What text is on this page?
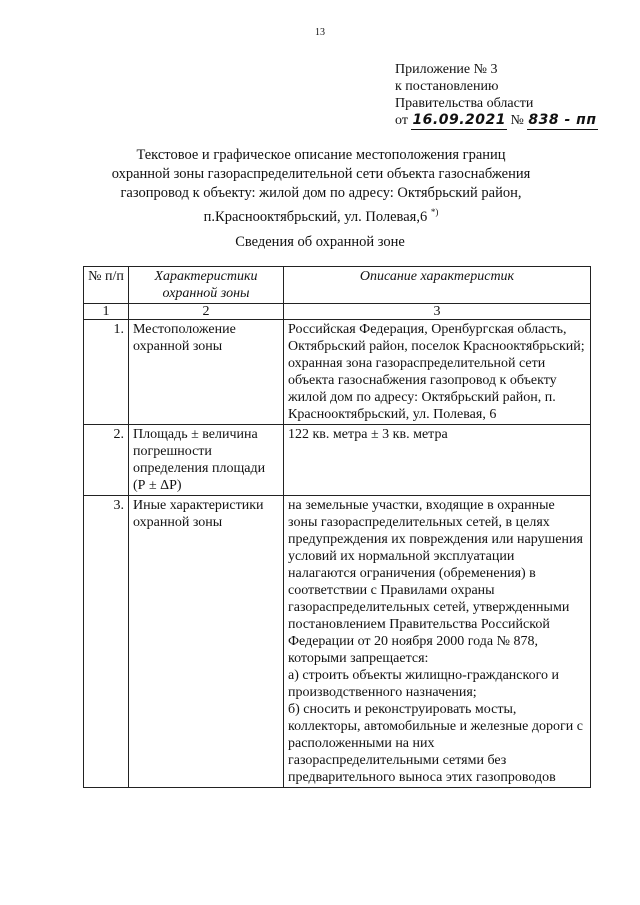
13
Приложение № 3
к постановлению
Правительства области
от 16.09.2021 № 838 - пп
Текстовое и графическое описание местоположения границ
охранной зоны газораспределительной сети объекта газоснабжения
газопровод к объекту: жилой дом по адресу: Октябрьский район,
п.Краснооктябрьский, ул. Полевая,6 *)
Сведения об охранной зоне
№ п/п	Характеристики охранной зоны	Описание характеристик
1	2	3
1.	Местоположение охранной зоны	Российская Федерация, Оренбургская область, Октябрьский район, поселок Краснооктябрьский; охранная зона газораспределительной сети объекта газоснабжения газопровод к объекту жилой дом по адресу: Октябрьский район, п. Краснооктябрьский, ул. Полевая, 6
2.	Площадь ± величина погрешности определения площади (Р ± ΔР)	122 кв. метра ± 3 кв. метра
3.	Иные характеристики охранной зоны	на земельные участки, входящие в охранные зоны газораспределительных сетей, в целях предупреждения их повреждения или нарушения условий их нормальной эксплуатации налагаются ограничения (обременения) в соответствии с Правилами охраны газораспределительных сетей, утвержденными постановлением Правительства Российской Федерации от 20 ноября 2000 года № 878, которыми запрещается:
а) строить объекты жилищно-гражданского и производственного назначения;
б) сносить и реконструировать мосты, коллекторы, автомобильные и железные дороги с расположенными на них газораспределительными сетями без предварительного выноса этих газопроводов
